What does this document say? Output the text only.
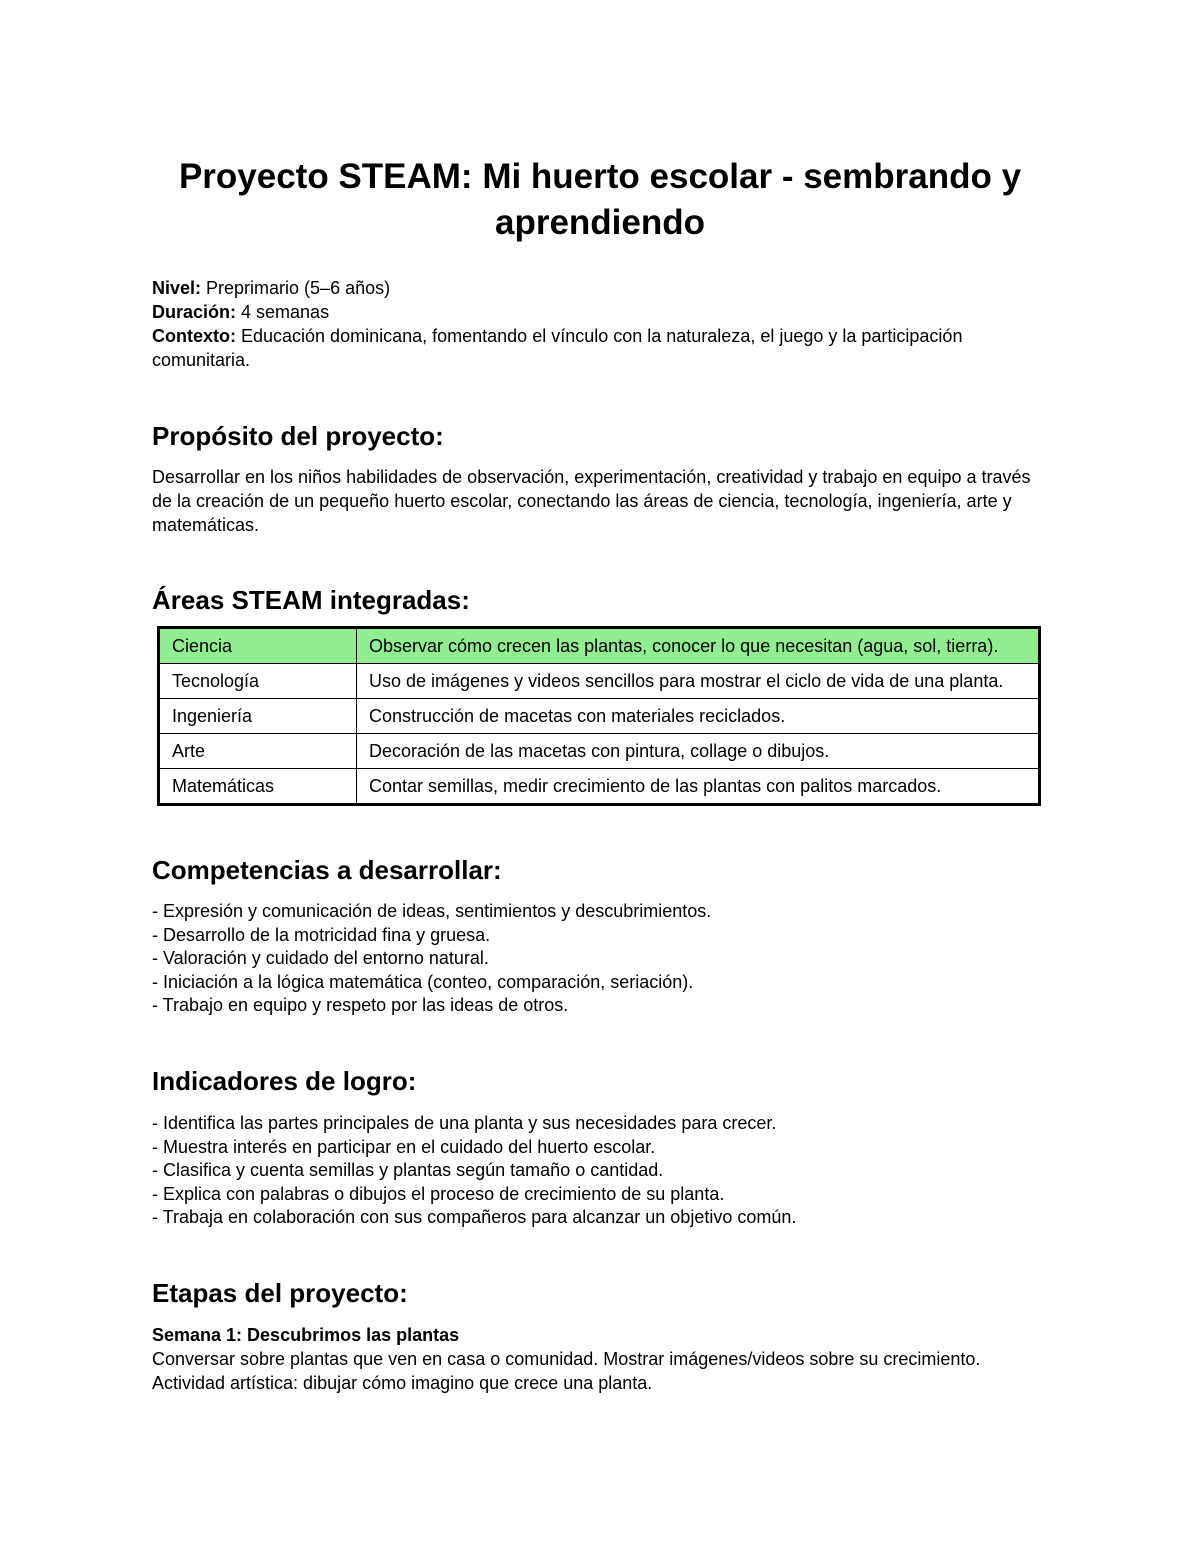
Proyecto STEAM: Mi huerto escolar - sembrando y aprendiendo

Nivel: Preprimario (5–6 años)

Duración: 4 semanas

Contexto: Educación dominicana, fomentando el vínculo con la naturaleza, el juego y la participación comunitaria.

Propósito del proyecto:

Desarrollar en los niños habilidades de observación, experimentación, creatividad y trabajo en equipo a través de la creación de un pequeño huerto escolar, conectando las áreas de ciencia, tecnología, ingeniería, arte y matemáticas.

Áreas STEAM integradas:
Ciencia	Observar cómo crecen las plantas, conocer lo que necesitan (agua, sol, tierra).
Tecnología	Uso de imágenes y videos sencillos para mostrar el ciclo de vida de una planta.
Ingeniería	Construcción de macetas con materiales reciclados.
Arte	Decoración de las macetas con pintura, collage o dibujos.
Matemáticas	Contar semillas, medir crecimiento de las plantas con palitos marcados.
Competencias a desarrollar:
- Expresión y comunicación de ideas, sentimientos y descubrimientos.
- Desarrollo de la motricidad fina y gruesa.
- Valoración y cuidado del entorno natural.
- Iniciación a la lógica matemática (conteo, comparación, seriación).
- Trabajo en equipo y respeto por las ideas de otros.
Indicadores de logro:
- Identifica las partes principales de una planta y sus necesidades para crecer.
- Muestra interés en participar en el cuidado del huerto escolar.
- Clasifica y cuenta semillas y plantas según tamaño o cantidad.
- Explica con palabras o dibujos el proceso de crecimiento de su planta.
- Trabaja en colaboración con sus compañeros para alcanzar un objetivo común.
Etapas del proyecto:

Semana 1: Descubrimos las plantas

Conversar sobre plantas que ven en casa o comunidad. Mostrar imágenes/videos sobre su crecimiento. Actividad artística: dibujar cómo imagino que crece una planta.
